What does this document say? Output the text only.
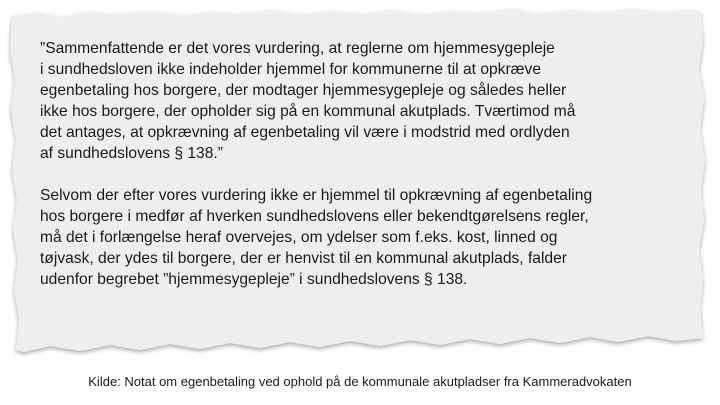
”Sammenfattende er det vores vurdering, at reglerne om hjemmesygepleje
i sundhedsloven ikke indeholder hjemmel for kommunerne til at opkræve
egenbetaling hos borgere, der modtager hjemmesygepleje og således heller
ikke hos borgere, der opholder sig på en kommunal akutplads. Tværtimod må
det antages, at opkrævning af egenbetaling vil være i modstrid med ordlyden
af sundhedslovens § 138.”

Selvom der efter vores vurdering ikke er hjemmel til opkrævning af egenbetaling
hos borgere i medfør af hverken sundhedslovens eller bekendtgørelsens regler,
må det i forlængelse heraf overvejes, om ydelser som f.eks. kost, linned og
tøjvask, der ydes til borgere, der er henvist til en kommunal akutplads, falder
udenfor begrebet ”hjemmesygepleje” i sundhedslovens § 138.

Kilde: Notat om egenbetaling ved ophold på de kommunale akutpladser fra Kammeradvokaten
